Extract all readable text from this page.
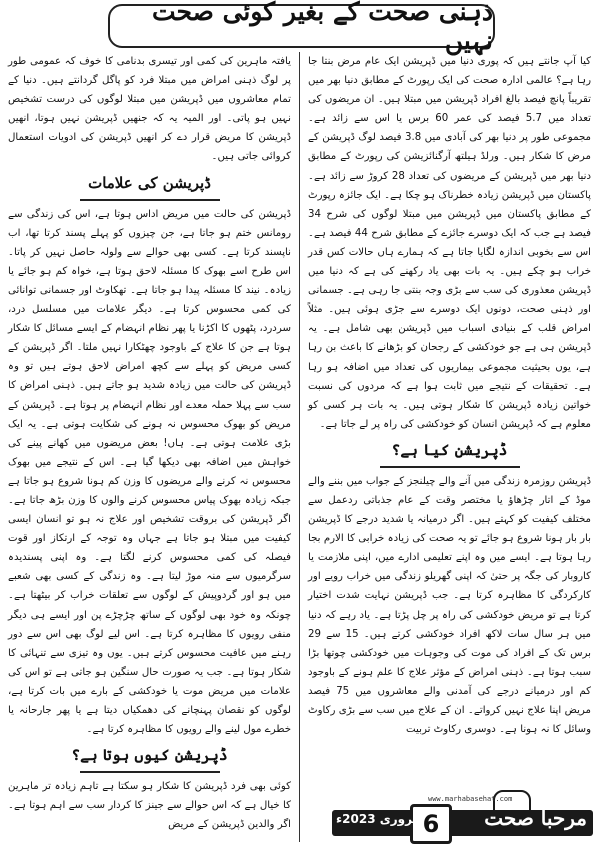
ذہنی صحت کے بغیر کوئی صحت نہیں

کیا آپ جانتے ہیں کہ پوری دنیا میں ڈپریشن ایک عام مرض بنتا جا رہا ہے؟ عالمی ادارہ صحت کی ایک رپورٹ کے مطابق دنیا بھر میں تقریباً پانچ فیصد بالغ افراد ڈپریشن میں مبتلا ہیں۔ ان مریضوں کی تعداد میں 5.7 فیصد کی عمر 60 برس یا اس سے زائد ہے۔ مجموعی طور پر دنیا بھر کی آبادی میں 3.8 فیصد لوگ ڈپریشن کے مرض کا شکار ہیں۔ ورلڈ ہیلتھ آرگنائزیشن کی رپورٹ کے مطابق دنیا بھر میں ڈپریشن کے مریضوں کی تعداد 28 کروڑ سے زائد ہے۔ پاکستان میں ڈپریشن زیادہ خطرناک ہو چکا ہے۔ ایک جائزہ رپورٹ کے مطابق پاکستان میں ڈپریشن میں مبتلا لوگوں کی شرح 34 فیصد ہے جب کہ ایک دوسرے جائزے کے مطابق شرح 44 فیصد ہے۔ اس سے بخوبی اندازہ لگایا جاتا ہے کہ ہمارے ہاں حالات کس قدر خراب ہو چکے ہیں۔ یہ بات بھی یاد رکھنے کی ہے کہ دنیا میں ڈپریشن معذوری کی سب سے بڑی وجہ بنتی جا رہی ہے۔ جسمانی اور ذہنی صحت، دونوں ایک دوسرے سے جڑی ہوئی ہیں۔ مثلاً امراض قلب کے بنیادی اسباب میں ڈپریشن بھی شامل ہے۔ یہ ڈپریشن ہی ہے جو خودکشی کے رجحان کو بڑھانے کا باعث بن رہا ہے، یوں بحیثیت مجموعی بیماریوں کی تعداد میں اضافہ ہو رہا ہے۔ تحقیقات کے نتیجے میں ثابت ہوا ہے کہ مردوں کی نسبت خواتین زیادہ ڈپریشن کا شکار ہوتی ہیں۔ یہ بات ہر کسی کو معلوم ہے کہ ڈپریشن انسان کو خودکشی کی راہ پر لے جاتا ہے۔

ڈپریشن کیا ہے؟

ڈپریشن روزمرہ زندگی میں آنے والے چیلنجز کے جواب میں بننے والے موڈ کے اتار چڑھاؤ یا مختصر وقت کے عام جذباتی ردعمل سے مختلف کیفیت کو کہتے ہیں۔ اگر درمیانہ یا شدید درجے کا ڈپریشن بار بار ہونا شروع ہو جائے تو یہ صحت کی زیادہ خرابی کا الارم بجا رہا ہوتا ہے۔ ایسے میں وہ اپنے تعلیمی ادارے میں، اپنی ملازمت یا کاروبار کی جگہ پر حتیٰ کہ اپنی گھریلو زندگی میں خراب رویے اور کارکردگی کا مظاہرہ کرتا ہے۔ جب ڈپریشن نہایت شدت اختیار کرتا ہے تو مریض خودکشی کی راہ پر چل پڑتا ہے۔ یاد رہے کہ دنیا میں ہر سال سات لاکھ افراد خودکشی کرتے ہیں۔ 15 سے 29 برس تک کے افراد کی موت کی وجوہات میں خودکشی چوتھا بڑا سبب ہوتا ہے۔ ذہنی امراض کے مؤثر علاج کا علم ہونے کے باوجود کم اور درمیانے درجے کی آمدنی والے معاشروں میں 75 فیصد مریض اپنا علاج نہیں کرواتے۔ ان کے علاج میں سب سے بڑی رکاوٹ وسائل کا نہ ہونا ہے۔ دوسری رکاوٹ تربیت

یافتہ ماہرین کی کمی اور تیسری بدنامی کا خوف کہ عمومی طور پر لوگ ذہنی امراض میں مبتلا فرد کو پاگل گردانتے ہیں۔ دنیا کے تمام معاشروں میں ڈپریشن میں مبتلا لوگوں کی درست تشخیص نہیں ہو پاتی۔ اور المیہ یہ کہ جنھیں ڈپریشن نہیں ہوتا، انھیں ڈپریشن کا مریض قرار دے کر انھیں ڈپریشن کی ادویات استعمال کروائی جاتی ہیں۔

ڈپریشن کی علامات

ڈپریشن کی حالت میں مریض اداس ہوتا ہے، اس کی زندگی سے رومانس ختم ہو جاتا ہے، جن چیزوں کو پہلے پسند کرتا تھا، اب ناپسند کرتا ہے۔ کسی بھی حوالے سے ولولہ حاصل نہیں کر پاتا۔ اس طرح اسے بھوک کا مسئلہ لاحق ہوتا ہے، خواہ کم ہو جائے یا زیادہ۔ نیند کا مسئلہ پیدا ہو جاتا ہے۔ تھکاوٹ اور جسمانی توانائی کی کمی محسوس کرتا ہے۔ دیگر علامات میں مسلسل درد، سردرد، پٹھوں کا اکڑنا یا پھر نظام انہضام کے ایسے مسائل کا شکار ہوتا ہے جن کا علاج کے باوجود چھٹکارا نہیں ملتا۔ اگر ڈپریشن کے کسی مریض کو پہلے سے کچھ امراض لاحق ہوتے ہیں تو وہ ڈپریشن کی حالت میں زیادہ شدید ہو جاتے ہیں۔ ذہنی امراض کا سب سے پہلا حملہ معدے اور نظام انہضام پر ہوتا ہے۔ ڈپریشن کے مریض کو بھوک محسوس نہ ہونے کی شکایت ہوتی ہے۔ یہ ایک بڑی علامت ہوتی ہے۔ ہاں! بعض مریضوں میں کھانے پینے کی خواہش میں اضافہ بھی دیکھا گیا ہے۔ اس کے نتیجے میں بھوک محسوس نہ کرنے والے مریضوں کا وزن کم ہونا شروع ہو جاتا ہے جبکہ زیادہ بھوک پیاس محسوس کرنے والوں کا وزن بڑھ جاتا ہے۔ اگر ڈپریشن کی بروقت تشخیص اور علاج نہ ہو تو انسان ایسی کیفیت میں مبتلا ہو جاتا ہے جہاں وہ توجہ کے ارتکاز اور قوت فیصلہ کی کمی محسوس کرنے لگتا ہے۔ وہ اپنی پسندیدہ سرگرمیوں سے منہ موڑ لیتا ہے۔ وہ زندگی کے کسی بھی شعبے میں ہو اور گردوپیش کے لوگوں سے تعلقات خراب کر بیٹھتا ہے۔ چونکہ وہ خود بھی لوگوں کے ساتھ چڑچڑے پن اور ایسے ہی دیگر منفی رویوں کا مظاہرہ کرتا ہے۔ اس لیے لوگ بھی اس سے دور رہنے میں عافیت محسوس کرتے ہیں۔ یوں وہ تیزی سے تنہائی کا شکار ہوتا ہے۔ جب یہ صورت حال سنگین ہو جاتی ہے تو اس کی علامات میں مریض موت یا خودکشی کے بارے میں بات کرتا ہے، لوگوں کو نقصان پہنچانے کی دھمکیاں دیتا ہے یا پھر جارحانہ یا خطرے مول لینے والے رویوں کا مظاہرہ کرتا ہے۔

ڈپریشن کیوں ہوتا ہے؟

کوئی بھی فرد ڈپریشن کا شکار ہو سکتا ہے تاہم زیادہ تر ماہرین کا خیال ہے کہ اس حوالے سے جینز کا کردار سب سے اہم ہوتا ہے۔ اگر والدین ڈپریشن کے مریض

www.marhabasehat.com
مرحبا صحت
6
فروری 2023ء
